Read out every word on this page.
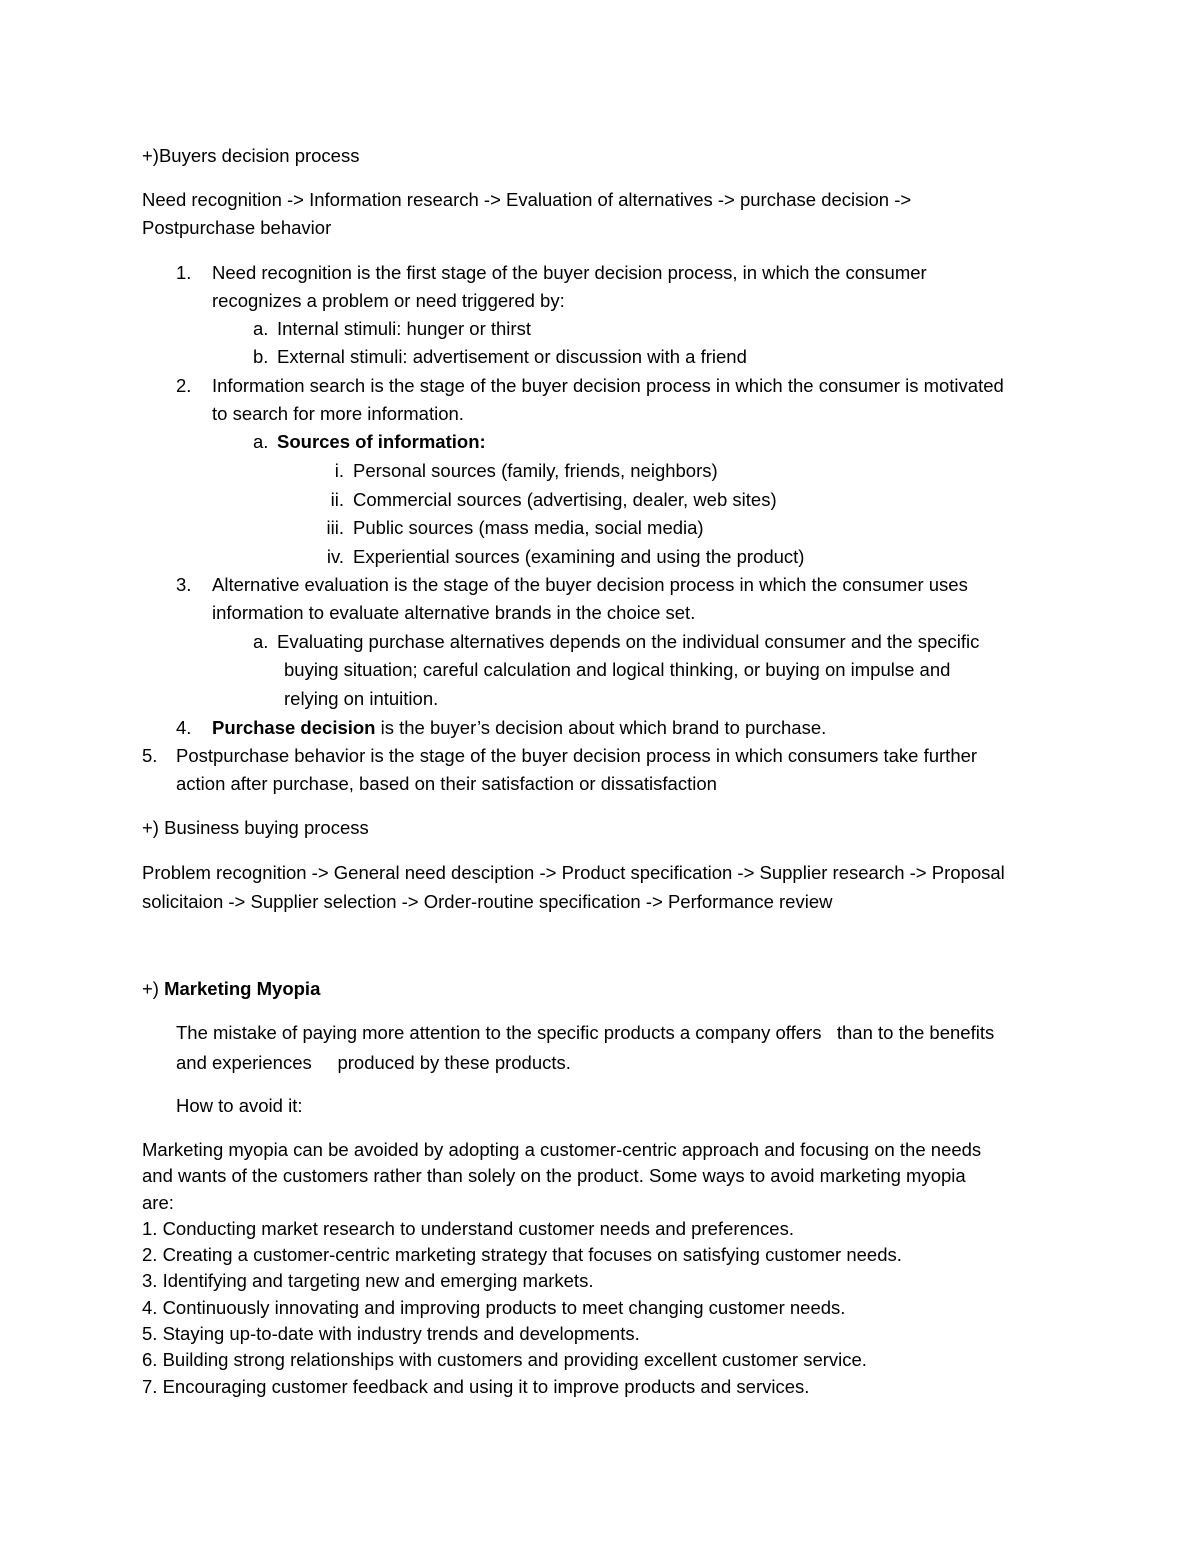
+)Buyers decision process
Need recognition -> Information research -> Evaluation of alternatives -> purchase decision ->
Postpurchase behavior
1. Need recognition is the first stage of the buyer decision process, in which the consumer
recognizes a problem or need triggered by:
a. Internal stimuli: hunger or thirst
b. External stimuli: advertisement or discussion with a friend
2. Information search is the stage of the buyer decision process in which the consumer is motivated
to search for more information.
a. Sources of information:
i. Personal sources (family, friends, neighbors)
ii. Commercial sources (advertising, dealer, web sites)
iii. Public sources (mass media, social media)
iv. Experiential sources (examining and using the product)
3. Alternative evaluation is the stage of the buyer decision process in which the consumer uses
information to evaluate alternative brands in the choice set.
a. Evaluating purchase alternatives depends on the individual consumer and the specific
buying situation; careful calculation and logical thinking, or buying on impulse and
relying on intuition.
4. Purchase decision is the buyer’s decision about which brand to purchase.
5. Postpurchase behavior is the stage of the buyer decision process in which consumers take further
action after purchase, based on their satisfaction or dissatisfaction
+) Business buying process
Problem recognition -> General need desciption -> Product specification -> Supplier research -> Proposal
solicitaion -> Supplier selection -> Order-routine specification -> Performance review
+) Marketing Myopia
The mistake of paying more attention to the specific products a company offers   than to the benefits
and experiences     produced by these products.
How to avoid it:
Marketing myopia can be avoided by adopting a customer-centric approach and focusing on the needs
and wants of the customers rather than solely on the product. Some ways to avoid marketing myopia
are:
1. Conducting market research to understand customer needs and preferences.
2. Creating a customer-centric marketing strategy that focuses on satisfying customer needs.
3. Identifying and targeting new and emerging markets.
4. Continuously innovating and improving products to meet changing customer needs.
5. Staying up-to-date with industry trends and developments.
6. Building strong relationships with customers and providing excellent customer service.
7. Encouraging customer feedback and using it to improve products and services.
